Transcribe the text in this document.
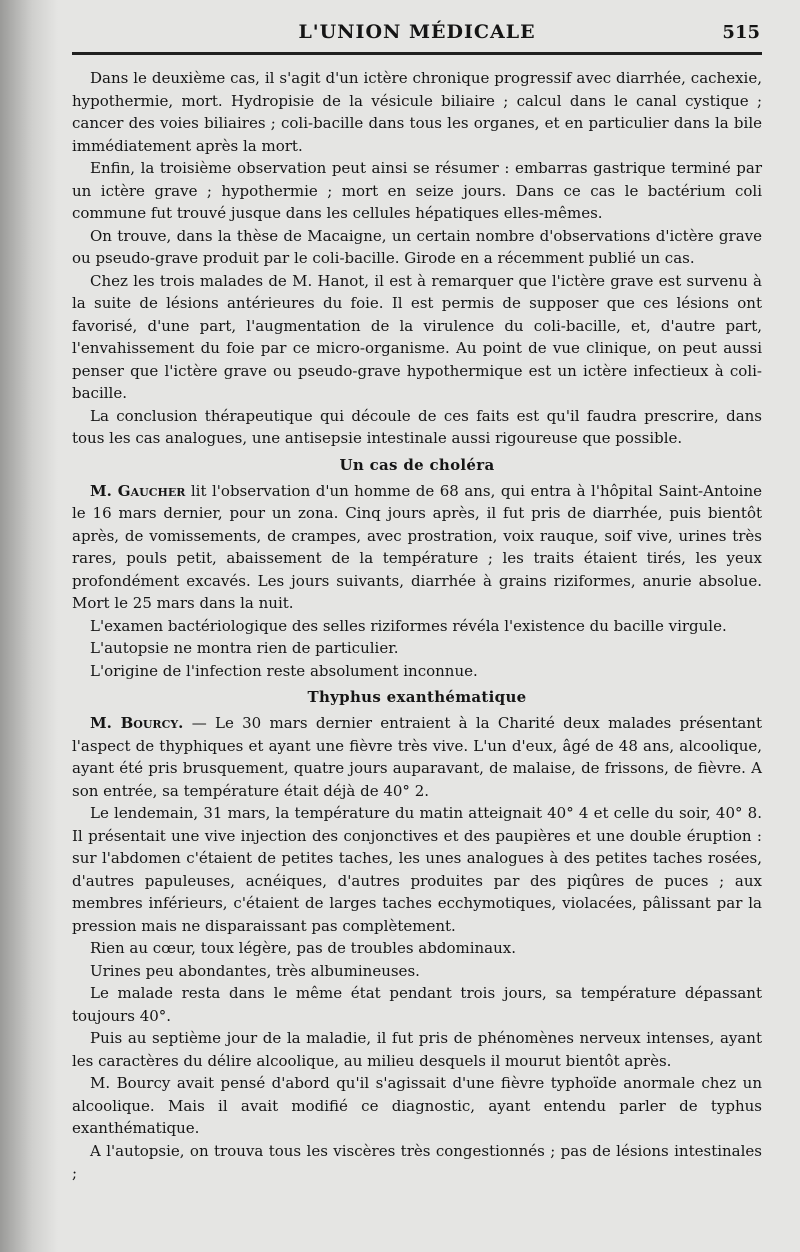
L'UNION MÉDICALE	515

Dans le deuxième cas, il s'agit d'un ictère chronique progressif avec diarrhée, cachexie, hypothermie, mort. Hydropisie de la vésicule biliaire ; calcul dans le canal cystique ; cancer des voies biliaires ; coli-bacille dans tous les organes, et en particulier dans la bile immédiatement après la mort.

Enfin, la troisième observation peut ainsi se résumer : embarras gastrique terminé par un ictère grave ; hypothermie ; mort en seize jours. Dans ce cas le bactérium coli commune fut trouvé jusque dans les cellules hépatiques elles-mêmes.

On trouve, dans la thèse de Macaigne, un certain nombre d'observations d'ictère grave ou pseudo-grave produit par le coli-bacille. Girode en a récemment publié un cas.

Chez les trois malades de M. Hanot, il est à remarquer que l'ictère grave est survenu à la suite de lésions antérieures du foie. Il est permis de supposer que ces lésions ont favorisé, d'une part, l'augmentation de la virulence du coli-bacille, et, d'autre part, l'envahissement du foie par ce micro-organisme. Au point de vue clinique, on peut aussi penser que l'ictère grave ou pseudo-grave hypothermique est un ictère infectieux à coli-bacille.

La conclusion thérapeutique qui découle de ces faits est qu'il faudra prescrire, dans tous les cas analogues, une antisepsie intestinale aussi rigoureuse que possible.

Un cas de choléra

M. Gaucher lit l'observation d'un homme de 68 ans, qui entra à l'hôpital Saint-Antoine le 16 mars dernier, pour un zona. Cinq jours après, il fut pris de diarrhée, puis bientôt après, de vomissements, de crampes, avec prostration, voix rauque, soif vive, urines très rares, pouls petit, abaissement de la température ; les traits étaient tirés, les yeux profondément excavés. Les jours suivants, diarrhée à grains riziformes, anurie absolue. Mort le 25 mars dans la nuit.

L'examen bactériologique des selles riziformes révéla l'existence du bacille virgule.

L'autopsie ne montra rien de particulier.

L'origine de l'infection reste absolument inconnue.

Thyphus exanthématique

M. Bourcy. — Le 30 mars dernier entraient à la Charité deux malades présentant l'aspect de thyphiques et ayant une fièvre très vive. L'un d'eux, âgé de 48 ans, alcoolique, ayant été pris brusquement, quatre jours auparavant, de malaise, de frissons, de fièvre. A son entrée, sa température était déjà de 40° 2.

Le lendemain, 31 mars, la température du matin atteignait 40° 4 et celle du soir, 40° 8. Il présentait une vive injection des conjonctives et des paupières et une double éruption : sur l'abdomen c'étaient de petites taches, les unes analogues à des petites taches rosées, d'autres papuleuses, acnéiques, d'autres produites par des piqûres de puces ; aux membres inférieurs, c'étaient de larges taches ecchymotiques, violacées, pâlissant par la pression mais ne disparaissant pas complètement.

Rien au cœur, toux légère, pas de troubles abdominaux.

Urines peu abondantes, très albumineuses.

Le malade resta dans le même état pendant trois jours, sa température dépassant toujours 40°.

Puis au septième jour de la maladie, il fut pris de phénomènes nerveux intenses, ayant les caractères du délire alcoolique, au milieu desquels il mourut bientôt après.

M. Bourcy avait pensé d'abord qu'il s'agissait d'une fièvre typhoïde anormale chez un alcoolique. Mais il avait modifié ce diagnostic, ayant entendu parler de typhus exanthématique.

A l'autopsie, on trouva tous les viscères très congestionnés ; pas de lésions intestinales ;
